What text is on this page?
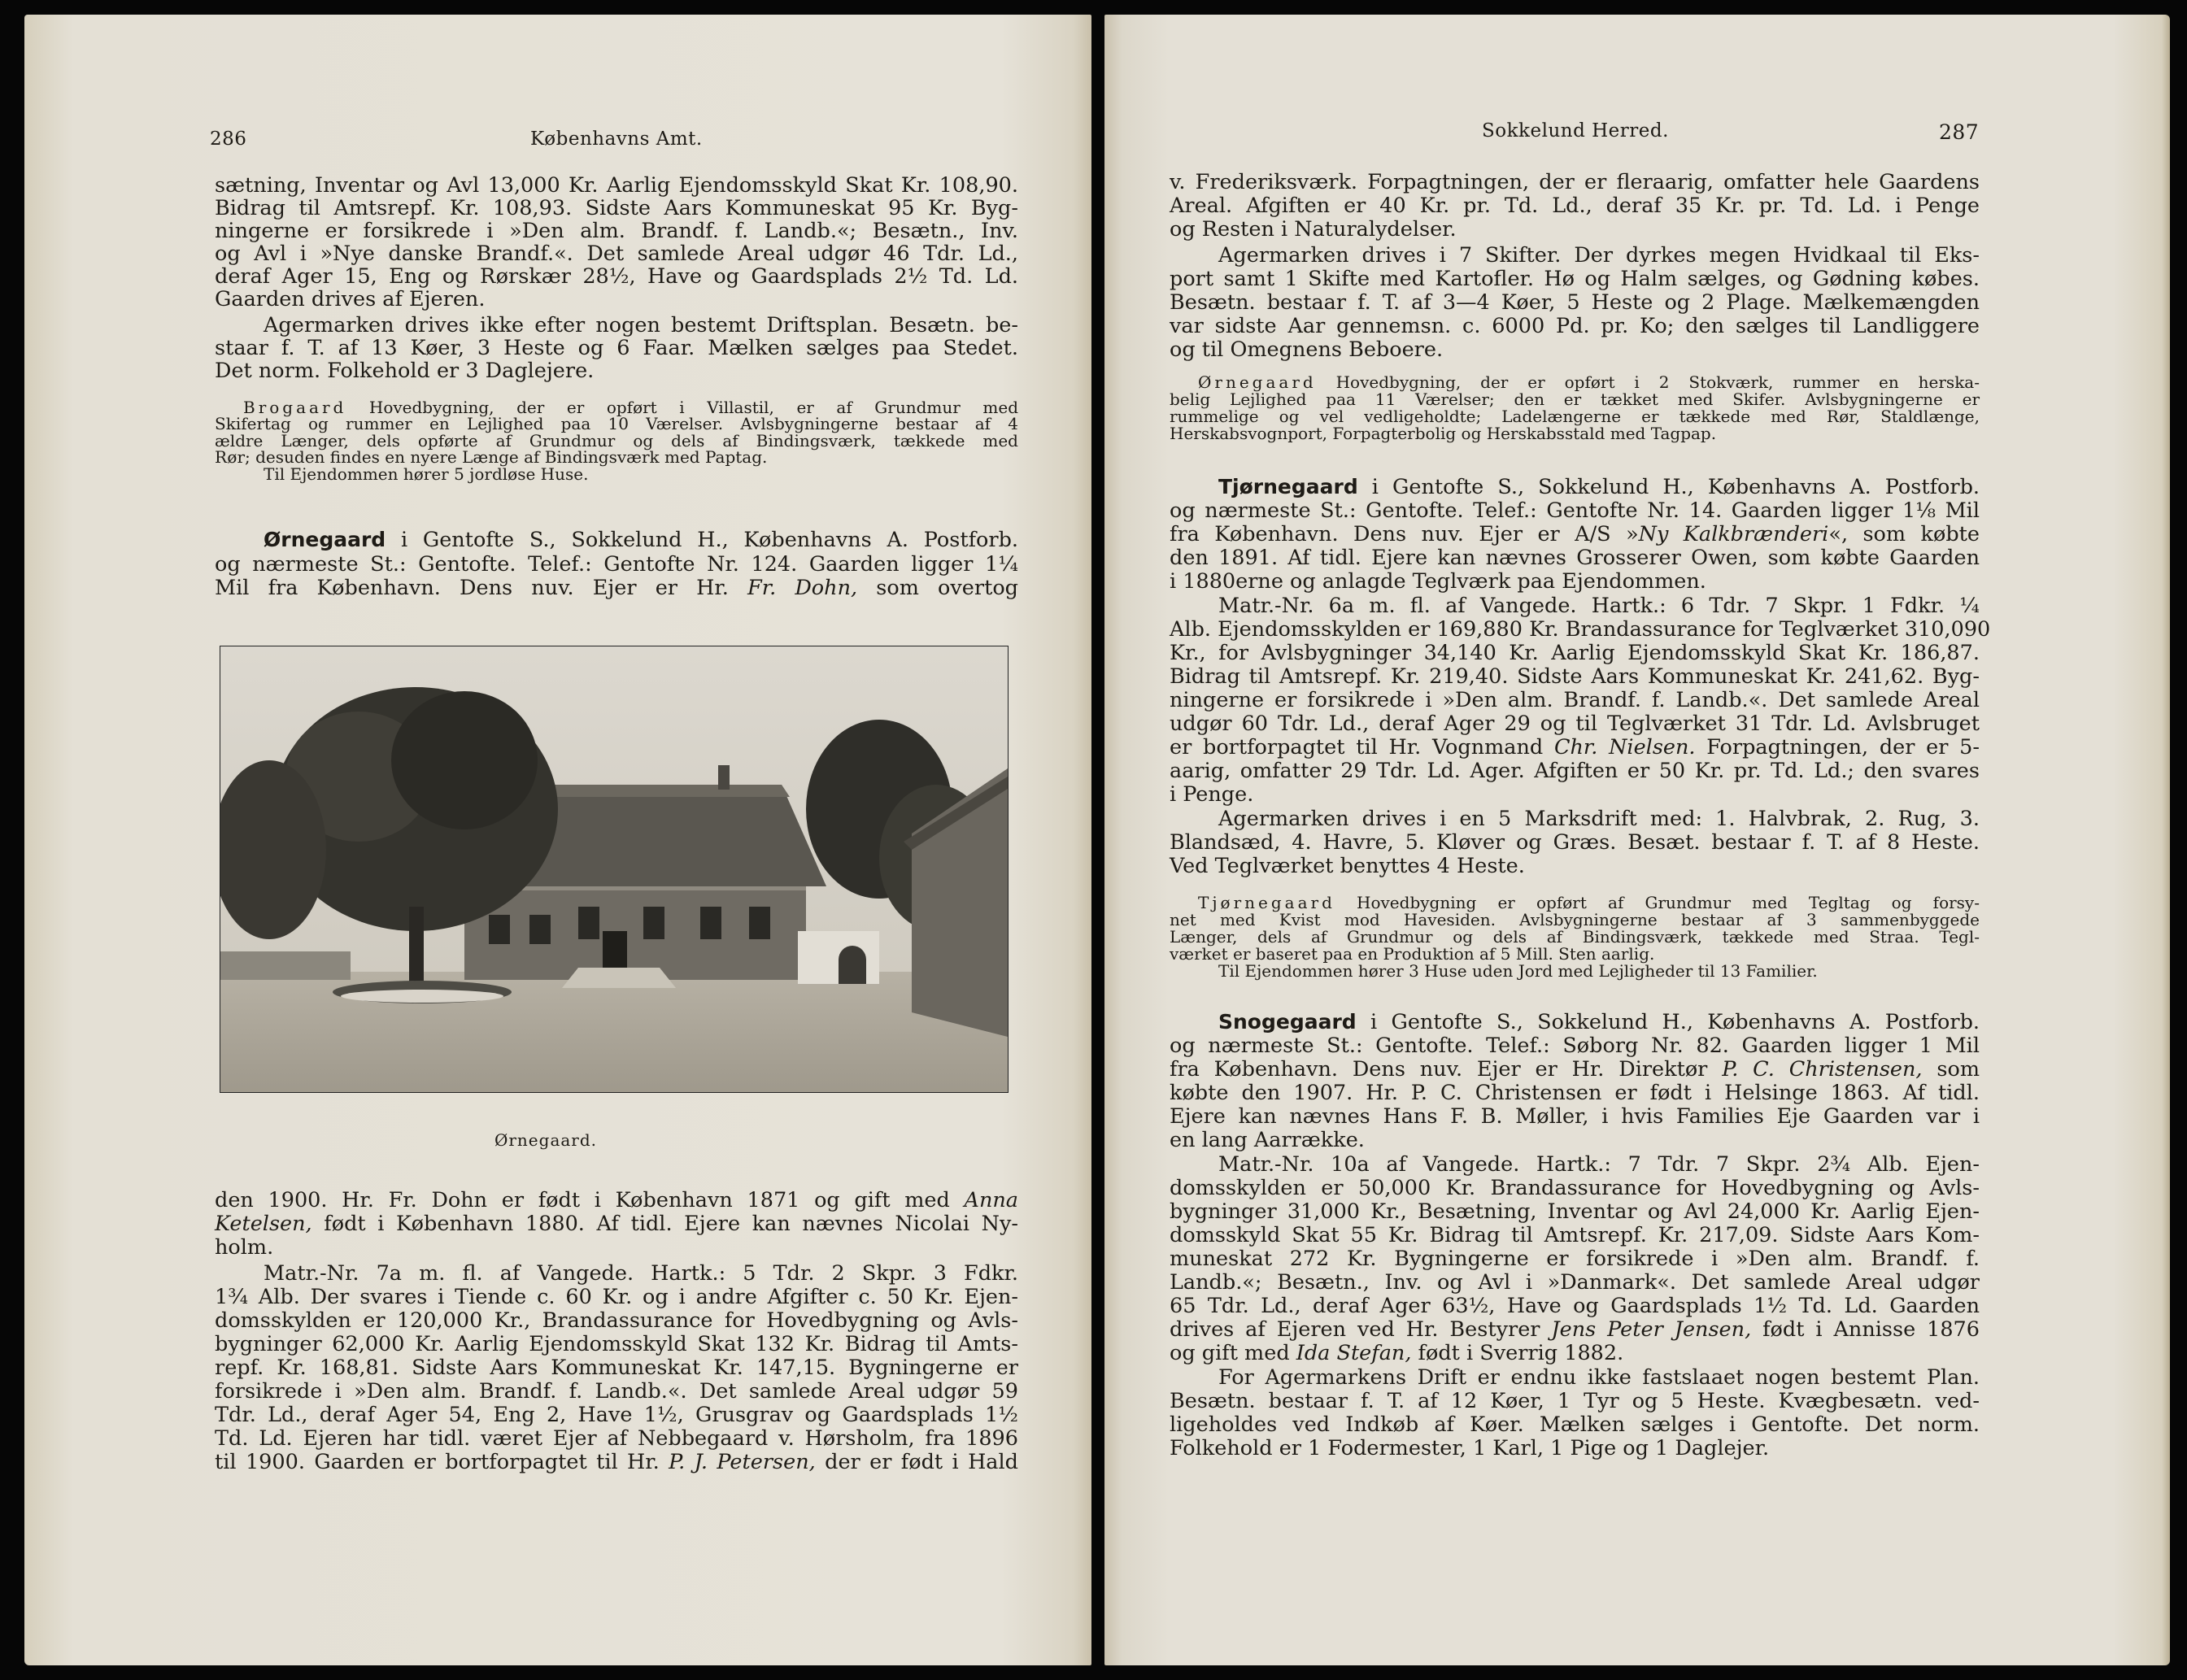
286	Københavns Amt.
sætning, Inventar og Avl 13,000 Kr. Aarlig Ejendomsskyld Skat Kr. 108,90.
Bidrag til Amtsrepf. Kr. 108,93. Sidste Aars Kommuneskat 95 Kr. Byg-
ningerne er forsikrede i »Den alm. Brandf. f. Landb.«; Besætn., Inv.
og Avl i »Nye danske Brandf.«. Det samlede Areal udgør 46 Tdr. Ld.,
deraf Ager 15, Eng og Rørskær 28½, Have og Gaardsplads 2½ Td. Ld.
Gaarden drives af Ejeren.
Agermarken drives ikke efter nogen bestemt Driftsplan. Besætn. be-
staar f. T. af 13 Køer, 3 Heste og 6 Faar. Mælken sælges paa Stedet.
Det norm. Folkehold er 3 Daglejere.
Brogaard Hovedbygning, der er opført i Villastil, er af Grundmur med
Skifertag og rummer en Lejlighed paa 10 Værelser. Avlsbygningerne bestaar af 4
ældre Længer, dels opførte af Grundmur og dels af Bindingsværk, tækkede med
Rør; desuden findes en nyere Længe af Bindingsværk med Paptag.
Til Ejendommen hører 5 jordløse Huse.
Ørnegaard i Gentofte S., Sokkelund H., Københavns A. Postforb.
og nærmeste St.: Gentofte. Telef.: Gentofte Nr. 124. Gaarden ligger 1¼
Mil fra København. Dens nuv. Ejer er Hr. Fr. Dohn, som overtog
Ørnegaard.
den 1900. Hr. Fr. Dohn er født i København 1871 og gift med Anna
Ketelsen, født i København 1880. Af tidl. Ejere kan nævnes Nicolai Ny-
holm.
Matr.-Nr. 7a m. fl. af Vangede. Hartk.: 5 Tdr. 2 Skpr. 3 Fdkr.
1¾ Alb. Der svares i Tiende c. 60 Kr. og i andre Afgifter c. 50 Kr. Ejen-
domsskylden er 120,000 Kr., Brandassurance for Hovedbygning og Avls-
bygninger 62,000 Kr. Aarlig Ejendomsskyld Skat 132 Kr. Bidrag til Amts-
repf. Kr. 168,81. Sidste Aars Kommuneskat Kr. 147,15. Bygningerne er
forsikrede i »Den alm. Brandf. f. Landb.«. Det samlede Areal udgør 59
Tdr. Ld., deraf Ager 54, Eng 2, Have 1½, Grusgrav og Gaardsplads 1½
Td. Ld. Ejeren har tidl. været Ejer af Nebbegaard v. Hørsholm, fra 1896
til 1900. Gaarden er bortforpagtet til Hr. P. J. Petersen, der er født i Hald
Sokkelund Herred.	287
v. Frederiksværk. Forpagtningen, der er fleraarig, omfatter hele Gaardens
Areal. Afgiften er 40 Kr. pr. Td. Ld., deraf 35 Kr. pr. Td. Ld. i Penge
og Resten i Naturalydelser.
Agermarken drives i 7 Skifter. Der dyrkes megen Hvidkaal til Eks-
port samt 1 Skifte med Kartofler. Hø og Halm sælges, og Gødning købes.
Besætn. bestaar f. T. af 3—4 Køer, 5 Heste og 2 Plage. Mælkemængden
var sidste Aar gennemsn. c. 6000 Pd. pr. Ko; den sælges til Landliggere
og til Omegnens Beboere.
Ørnegaard Hovedbygning, der er opført i 2 Stokværk, rummer en herska-
belig Lejlighed paa 11 Værelser; den er tækket med Skifer. Avlsbygningerne er
rummelige og vel vedligeholdte; Ladelængerne er tækkede med Rør, Staldlænge,
Herskabsvognport, Forpagterbolig og Herskabsstald med Tagpap.
Tjørnegaard i Gentofte S., Sokkelund H., Københavns A. Postforb.
og nærmeste St.: Gentofte. Telef.: Gentofte Nr. 14. Gaarden ligger 1⅛ Mil
fra København. Dens nuv. Ejer er A/S »Ny Kalkbrænderi«, som købte
den 1891. Af tidl. Ejere kan nævnes Grosserer Owen, som købte Gaarden
i 1880erne og anlagde Teglværk paa Ejendommen.
Matr.-Nr. 6a m. fl. af Vangede. Hartk.: 6 Tdr. 7 Skpr. 1 Fdkr. ¼
Alb. Ejendomsskylden er 169,880 Kr. Brandassurance for Teglværket 310,090
Kr., for Avlsbygninger 34,140 Kr. Aarlig Ejendomsskyld Skat Kr. 186,87.
Bidrag til Amtsrepf. Kr. 219,40. Sidste Aars Kommuneskat Kr. 241,62. Byg-
ningerne er forsikrede i »Den alm. Brandf. f. Landb.«. Det samlede Areal
udgør 60 Tdr. Ld., deraf Ager 29 og til Teglværket 31 Tdr. Ld. Avlsbruget
er bortforpagtet til Hr. Vognmand Chr. Nielsen. Forpagtningen, der er 5-
aarig, omfatter 29 Tdr. Ld. Ager. Afgiften er 50 Kr. pr. Td. Ld.; den svares
i Penge.
Agermarken drives i en 5 Marksdrift med: 1. Halvbrak, 2. Rug, 3.
Blandsæd, 4. Havre, 5. Kløver og Græs. Besæt. bestaar f. T. af 8 Heste.
Ved Teglværket benyttes 4 Heste.
Tjørnegaard Hovedbygning er opført af Grundmur med Tegltag og forsy-
net med Kvist mod Havesiden. Avlsbygningerne bestaar af 3 sammenbyggede
Længer, dels af Grundmur og dels af Bindingsværk, tækkede med Straa. Tegl-
værket er baseret paa en Produktion af 5 Mill. Sten aarlig.
Til Ejendommen hører 3 Huse uden Jord med Lejligheder til 13 Familier.
Snogegaard i Gentofte S., Sokkelund H., Københavns A. Postforb.
og nærmeste St.: Gentofte. Telef.: Søborg Nr. 82. Gaarden ligger 1 Mil
fra København. Dens nuv. Ejer er Hr. Direktør P. C. Christensen, som
købte den 1907. Hr. P. C. Christensen er født i Helsinge 1863. Af tidl.
Ejere kan nævnes Hans F. B. Møller, i hvis Families Eje Gaarden var i
en lang Aarrække.
Matr.-Nr. 10a af Vangede. Hartk.: 7 Tdr. 7 Skpr. 2¾ Alb. Ejen-
domsskylden er 50,000 Kr. Brandassurance for Hovedbygning og Avls-
bygninger 31,000 Kr., Besætning, Inventar og Avl 24,000 Kr. Aarlig Ejen-
domsskyld Skat 55 Kr. Bidrag til Amtsrepf. Kr. 217,09. Sidste Aars Kom-
muneskat 272 Kr. Bygningerne er forsikrede i »Den alm. Brandf. f.
Landb.«; Besætn., Inv. og Avl i »Danmark«. Det samlede Areal udgør
65 Tdr. Ld., deraf Ager 63½, Have og Gaardsplads 1½ Td. Ld. Gaarden
drives af Ejeren ved Hr. Bestyrer Jens Peter Jensen, født i Annisse 1876
og gift med Ida Stefan, født i Sverrig 1882.
For Agermarkens Drift er endnu ikke fastslaaet nogen bestemt Plan.
Besætn. bestaar f. T. af 12 Køer, 1 Tyr og 5 Heste. Kvægbesætn. ved-
ligeholdes ved Indkøb af Køer. Mælken sælges i Gentofte. Det norm.
Folkehold er 1 Fodermester, 1 Karl, 1 Pige og 1 Daglejer.
